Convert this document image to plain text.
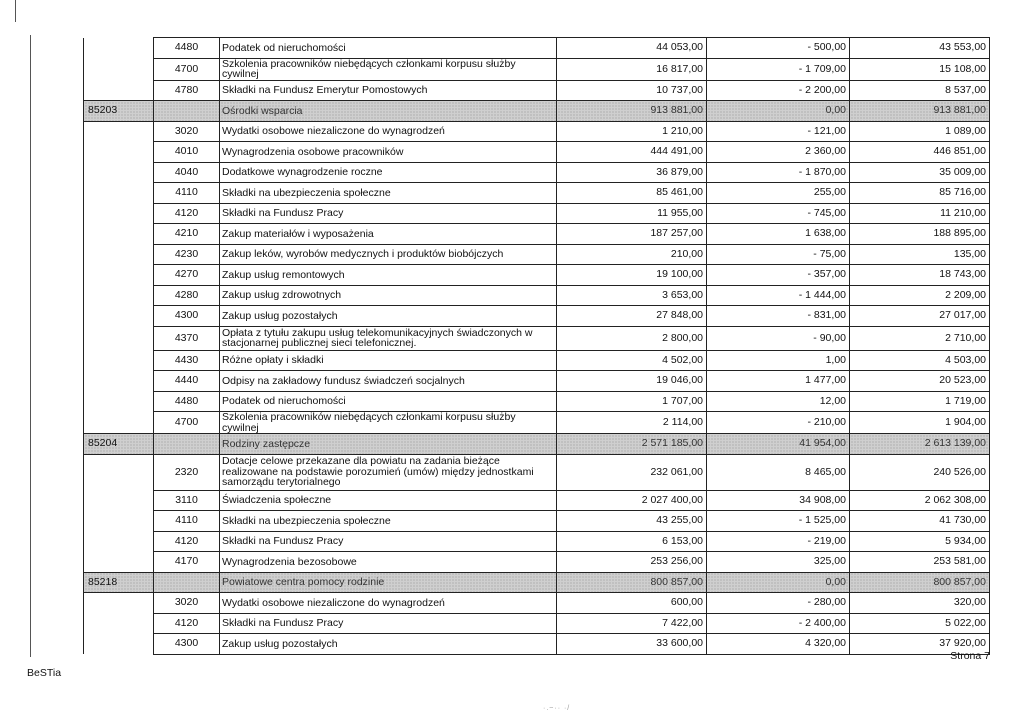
	4480	Podatek od nieruchomości	44 053,00	- 500,00	43 553,00
	4700	Szkolenia pracowników niebędących członkami korpusu służby cywilnej	16 817,00	- 1 709,00	15 108,00
	4780	Składki na Fundusz Emerytur Pomostowych	10 737,00	- 2 200,00	8 537,00
85203		Ośrodki wsparcia	913 881,00	0,00	913 881,00
	3020	Wydatki osobowe niezaliczone do wynagrodzeń	1 210,00	- 121,00	1 089,00
	4010	Wynagrodzenia osobowe pracowników	444 491,00	2 360,00	446 851,00
	4040	Dodatkowe wynagrodzenie roczne	36 879,00	- 1 870,00	35 009,00
	4110	Składki na ubezpieczenia społeczne	85 461,00	255,00	85 716,00
	4120	Składki na Fundusz Pracy	11 955,00	- 745,00	11 210,00
	4210	Zakup materiałów i wyposażenia	187 257,00	1 638,00	188 895,00
	4230	Zakup leków, wyrobów medycznych i produktów biobójczych	210,00	- 75,00	135,00
	4270	Zakup usług remontowych	19 100,00	- 357,00	18 743,00
	4280	Zakup usług zdrowotnych	3 653,00	- 1 444,00	2 209,00
	4300	Zakup usług pozostałych	27 848,00	- 831,00	27 017,00
	4370	Opłata z tytułu zakupu usług telekomunikacyjnych świadczonych w stacjonarnej publicznej sieci telefonicznej.	2 800,00	- 90,00	2 710,00
	4430	Różne opłaty i składki	4 502,00	1,00	4 503,00
	4440	Odpisy na zakładowy fundusz świadczeń socjalnych	19 046,00	1 477,00	20 523,00
	4480	Podatek od nieruchomości	1 707,00	12,00	1 719,00
	4700	Szkolenia pracowników niebędących członkami korpusu służby cywilnej	2 114,00	- 210,00	1 904,00
85204		Rodziny zastępcze	2 571 185,00	41 954,00	2 613 139,00
	2320	Dotacje celowe przekazane dla powiatu na zadania bieżące realizowane na podstawie porozumień (umów) między jednostkami samorządu terytorialnego	232 061,00	8 465,00	240 526,00
	3110	Świadczenia społeczne	2 027 400,00	34 908,00	2 062 308,00
	4110	Składki na ubezpieczenia społeczne	43 255,00	- 1 525,00	41 730,00
	4120	Składki na Fundusz Pracy	6 153,00	- 219,00	5 934,00
	4170	Wynagrodzenia bezosobowe	253 256,00	325,00	253 581,00
85218		Powiatowe centra pomocy rodzinie	800 857,00	0,00	800 857,00
	3020	Wydatki osobowe niezaliczone do wynagrodzeń	600,00	- 280,00	320,00
	4120	Składki na Fundusz Pracy	7 422,00	- 2 400,00	5 022,00
	4300	Zakup usług pozostałych	33 600,00	4 320,00	37 920,00
Strona 7
BeSTia
·.~·· ·/
